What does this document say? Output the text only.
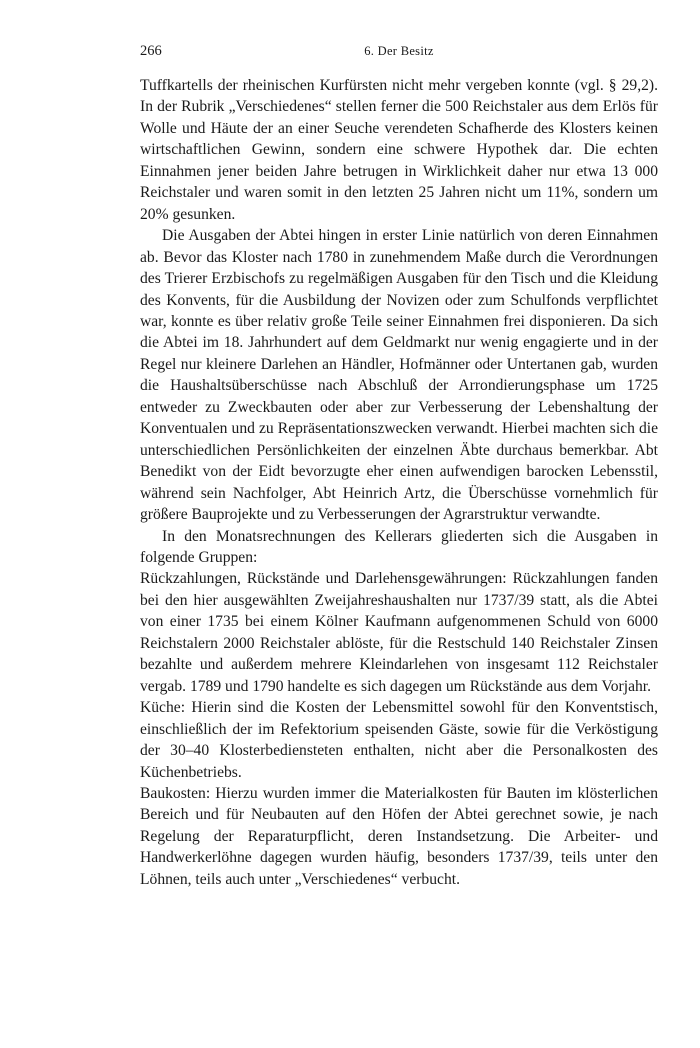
266	6. Der Besitz

Tuffkartells der rheinischen Kurfürsten nicht mehr vergeben konnte (vgl. § 29,2). In der Rubrik „Verschiedenes“ stellen ferner die 500 Reichstaler aus dem Erlös für Wolle und Häute der an einer Seuche verendeten Schafherde des Klosters keinen wirtschaftlichen Gewinn, sondern eine schwere Hypothek dar. Die echten Einnahmen jener beiden Jahre betrugen in Wirklichkeit daher nur etwa 13 000 Reichstaler und waren somit in den letzten 25 Jahren nicht um 11%, sondern um 20% gesunken.

Die Ausgaben der Abtei hingen in erster Linie natürlich von deren Einnahmen ab. Bevor das Kloster nach 1780 in zunehmendem Maße durch die Verordnungen des Trierer Erzbischofs zu regelmäßigen Ausgaben für den Tisch und die Kleidung des Konvents, für die Ausbildung der Novizen oder zum Schulfonds verpflichtet war, konnte es über relativ große Teile seiner Einnahmen frei disponieren. Da sich die Abtei im 18. Jahrhundert auf dem Geldmarkt nur wenig engagierte und in der Regel nur kleinere Darlehen an Händler, Hofmänner oder Untertanen gab, wurden die Haushaltsüberschüsse nach Abschluß der Arrondierungsphase um 1725 entweder zu Zweckbauten oder aber zur Verbesserung der Lebenshaltung der Konventualen und zu Repräsentationszwecken verwandt. Hierbei machten sich die unterschiedlichen Persönlichkeiten der einzelnen Äbte durchaus bemerkbar. Abt Benedikt von der Eidt bevorzugte eher einen aufwendigen barocken Lebensstil, während sein Nachfolger, Abt Heinrich Artz, die Überschüsse vornehmlich für größere Bauprojekte und zu Verbesserungen der Agrarstruktur verwandte.

In den Monatsrechnungen des Kellerars gliederten sich die Ausgaben in folgende Gruppen:

Rückzahlungen, Rückstände und Darlehensgewährungen: Rückzahlungen fanden bei den hier ausgewählten Zweijahreshaushalten nur 1737/39 statt, als die Abtei von einer 1735 bei einem Kölner Kaufmann aufgenommenen Schuld von 6000 Reichstalern 2000 Reichstaler ablöste, für die Restschuld 140 Reichstaler Zinsen bezahlte und außerdem mehrere Kleindarlehen von insgesamt 112 Reichstaler vergab. 1789 und 1790 handelte es sich dagegen um Rückstände aus dem Vorjahr.

Küche: Hierin sind die Kosten der Lebensmittel sowohl für den Konventstisch, einschließlich der im Refektorium speisenden Gäste, sowie für die Verköstigung der 30–40 Klosterbediensteten enthalten, nicht aber die Personalkosten des Küchenbetriebs.

Baukosten: Hierzu wurden immer die Materialkosten für Bauten im klösterlichen Bereich und für Neubauten auf den Höfen der Abtei gerechnet sowie, je nach Regelung der Reparaturpflicht, deren Instandsetzung. Die Arbeiter- und Handwerkerlöhne dagegen wurden häufig, besonders 1737/39, teils unter den Löhnen, teils auch unter „Verschiedenes“ verbucht.
